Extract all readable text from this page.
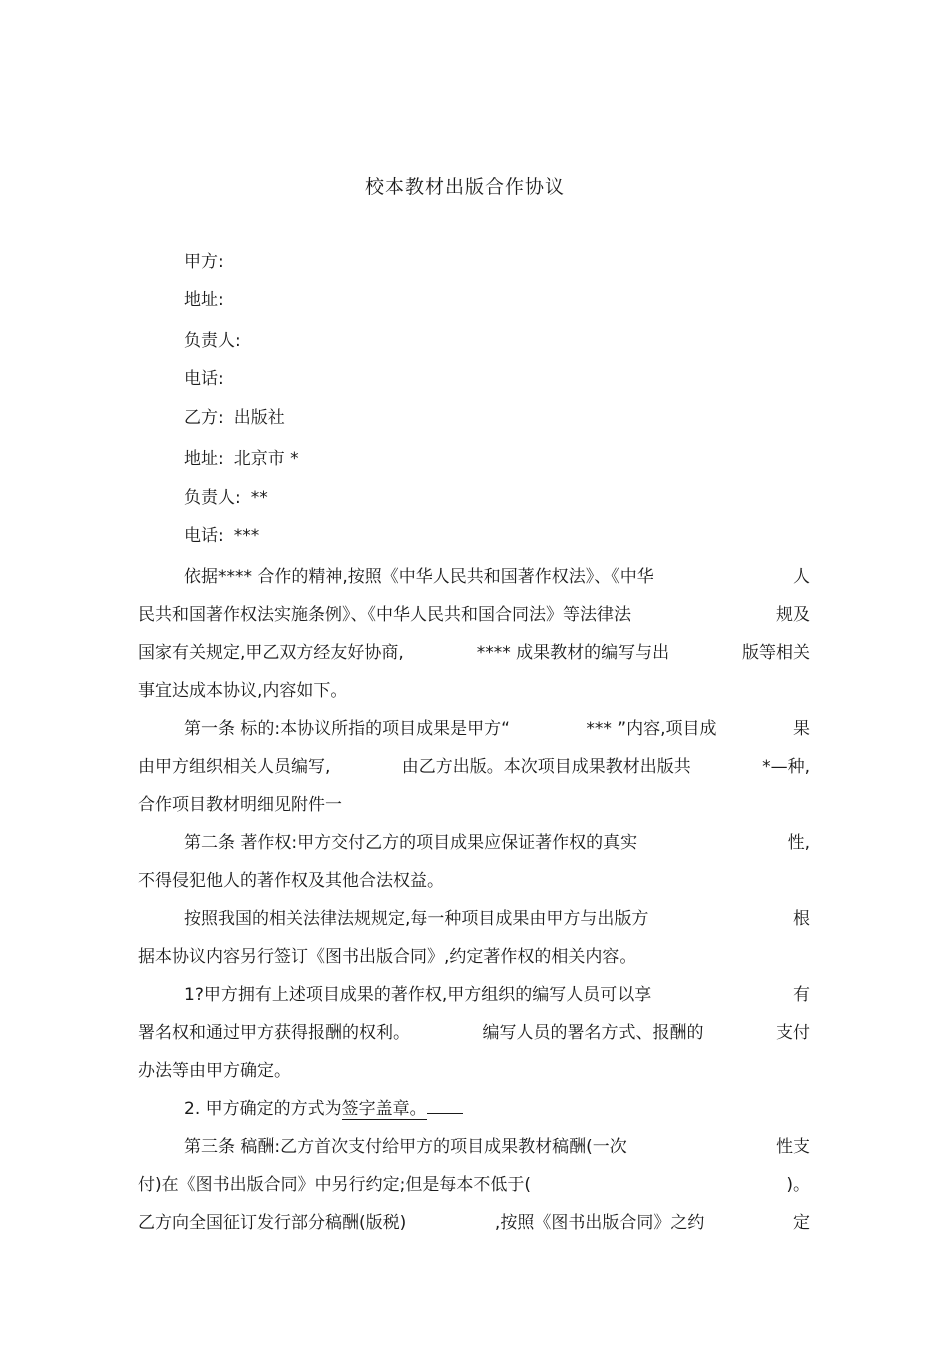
校本教材出版合作协议
甲方:
地址:
负责人:
电话:
乙方: 出版社
地址: 北京市 *
负责人: **
电话: ***
依据**** 合作的精神,按照《中华人民共和国著作权法》、《中华	人
民共和国著作权法实施条例》、《中华人民共和国合同法》等法律法	规及
国家有关规定,甲乙双方经友好协商,	**** 成果教材的编写与出	版等相关
事宜达成本协议,内容如下。
第一条 标的:本协议所指的项目成果是甲方“	*** ”内容,项目成	果
由甲方组织相关人员编写,	由乙方出版。本次项目成果教材出版共	*—种,
合作项目教材明细见附件一
第二条 著作权:甲方交付乙方的项目成果应保证著作权的真实	性,
不得侵犯他人的著作权及其他合法权益。
按照我国的相关法律法规规定,每一种项目成果由甲方与出版方	根
据本协议内容另行签订《图书出版合同》,约定著作权的相关内容。
1?甲方拥有上述项目成果的著作权,甲方组织的编写人员可以享	有
署名权和通过甲方获得报酬的权利。	编写人员的署名方式、报酬的	支付
办法等由甲方确定。
2. 甲方确定的方式为签字盖章。
第三条 稿酬:乙方首次支付给甲方的项目成果教材稿酬(一次	性支
付)在《图书出版合同》中另行约定;但是每本不低于(	)。
乙方向全国征订发行部分稿酬(版税)	,按照《图书出版合同》之约	定
